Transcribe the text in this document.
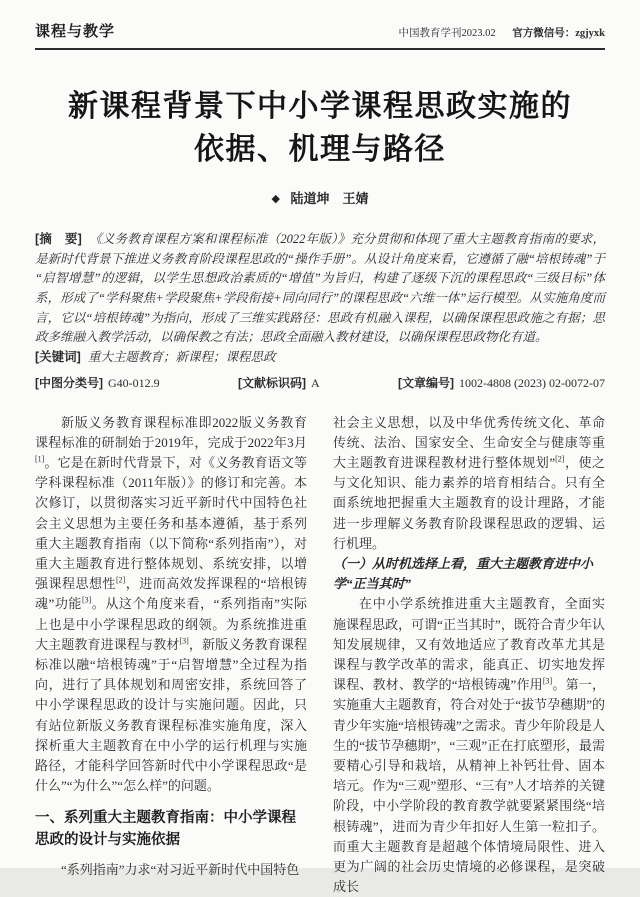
课程与教学	中国教育学刊2023.02 官方微信号：zgjyxk
新课程背景下中小学课程思政实施的
依据、机理与路径
◆ 陆道坤　王婧

[摘　要] 《义务教育课程方案和课程标准（2022年版）》充分贯彻和体现了重大主题教育指南的要求，是新时代背景下推进义务教育阶段课程思政的“操作手册”。从设计角度来看，它遵循了融“培根铸魂”于“启智增慧”的逻辑，以学生思想政治素质的“增值”为旨归，构建了逐级下沉的课程思政“三级目标”体系，形成了“学科聚焦+学段聚焦+学段衔接+同向同行”的课程思政“六维一体”运行模型。从实施角度而言，它以“培根铸魂”为指向，形成了三维实践路径：思政有机融入课程，以确保课程思政施之有据；思政多维融入教学活动，以确保教之有法；思政全面融入教材建设，以确保课程思政物化有道。

[关键词] 重大主题教育；新课程；课程思政

[中图分类号] G40-012.9	[文献标识码] A	[文章编号] 1002-4808 (2023) 02-0072-07

新版义务教育课程标准即2022版义务教育课程标准的研制始于2019年，完成于2022年3月[1]。它是在新时代背景下，对《义务教育语文等学科课程标准（2011年版）》的修订和完善。本次修订，以贯彻落实习近平新时代中国特色社会主义思想为主要任务和基本遵循，基于系列重大主题教育指南（以下简称“系列指南”），对重大主题教育进行整体规划、系统安排，以增强课程思想性[2]，进而高效发挥课程的“培根铸魂”功能[3]。从这个角度来看，“系列指南”实际上也是中小学课程思政的纲领。为系统推进重大主题教育进课程与教材[3]，新版义务教育课程标准以融“培根铸魂”于“启智增慧”全过程为指向，进行了具体规划和周密安排，系统回答了中小学课程思政的设计与实施问题。因此，只有站位新版义务教育课程标准实施角度，深入探析重大主题教育在中小学的运行机理与实施路径，才能科学回答新时代中小学课程思政“是什么”“为什么”“怎么样”的问题。

一、系列重大主题教育指南：中小学课程思政的设计与实施依据

“系列指南”力求“对习近平新时代中国特色

社会主义思想，以及中华优秀传统文化、革命传统、法治、国家安全、生命安全与健康等重大主题教育进课程教材进行整体规划”[2]，使之与文化知识、能力素养的培育相结合。只有全面系统地把握重大主题教育的设计理路，才能进一步理解义务教育阶段课程思政的逻辑、运行机理。

（一）从时机选择上看，重大主题教育进中小学“正当其时”

在中小学系统推进重大主题教育，全面实施课程思政，可谓“正当其时”，既符合青少年认知发展规律，又有效地适应了教育改革尤其是课程与教学改革的需求，能真正、切实地发挥课程、教材、教学的“培根铸魂”作用[3]。第一，实施重大主题教育，符合对处于“拔节孕穗期”的青少年实施“培根铸魂”之需求。青少年阶段是人生的“拔节孕穗期”，“三观”正在打底塑形，最需要精心引导和栽培，从精神上补钙壮骨、固本培元。作为“三观”塑形、“三有”人才培养的关键阶段，中小学阶段的教育教学就要紧紧围绕“培根铸魂”，进而为青少年扣好人生第一粒扣子。而重大主题教育是超越个体情境局限性、进入更为广阔的社会历史情境的必修课程，是突破成长
